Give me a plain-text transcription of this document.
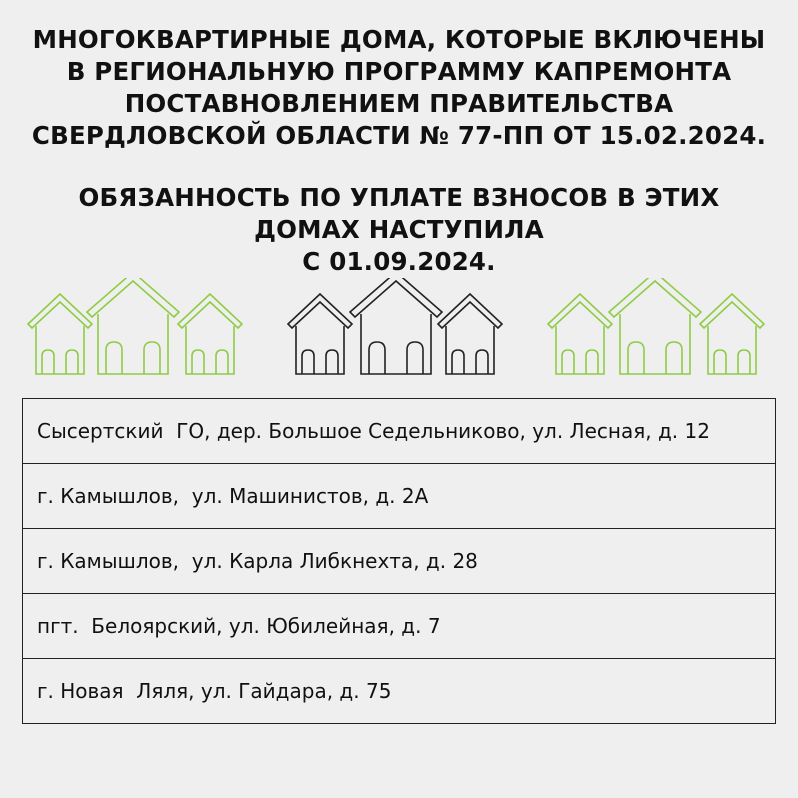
МНОГОКВАРТИРНЫЕ ДОМА, КОТОРЫЕ ВКЛЮЧЕНЫ
В РЕГИОНАЛЬНУЮ ПРОГРАММУ КАПРЕМОНТА
ПОСТАВНОВЛЕНИЕМ ПРАВИТЕЛЬСТВА
СВЕРДЛОВСКОЙ ОБЛАСТИ № 77-ПП ОТ 15.02.2024.
ОБЯЗАННОСТЬ ПО УПЛАТЕ ВЗНОСОВ В ЭТИХ
ДОМАХ НАСТУПИЛА
С 01.09.2024.
Сысертский  ГО, дер. Большое Седельниково, ул. Лесная, д. 12
г. Камышлов,  ул. Машинистов, д. 2А
г. Камышлов,  ул. Карла Либкнехта, д. 28
пгт.  Белоярский, ул. Юбилейная, д. 7
г. Новая  Ляля, ул. Гайдара, д. 75
